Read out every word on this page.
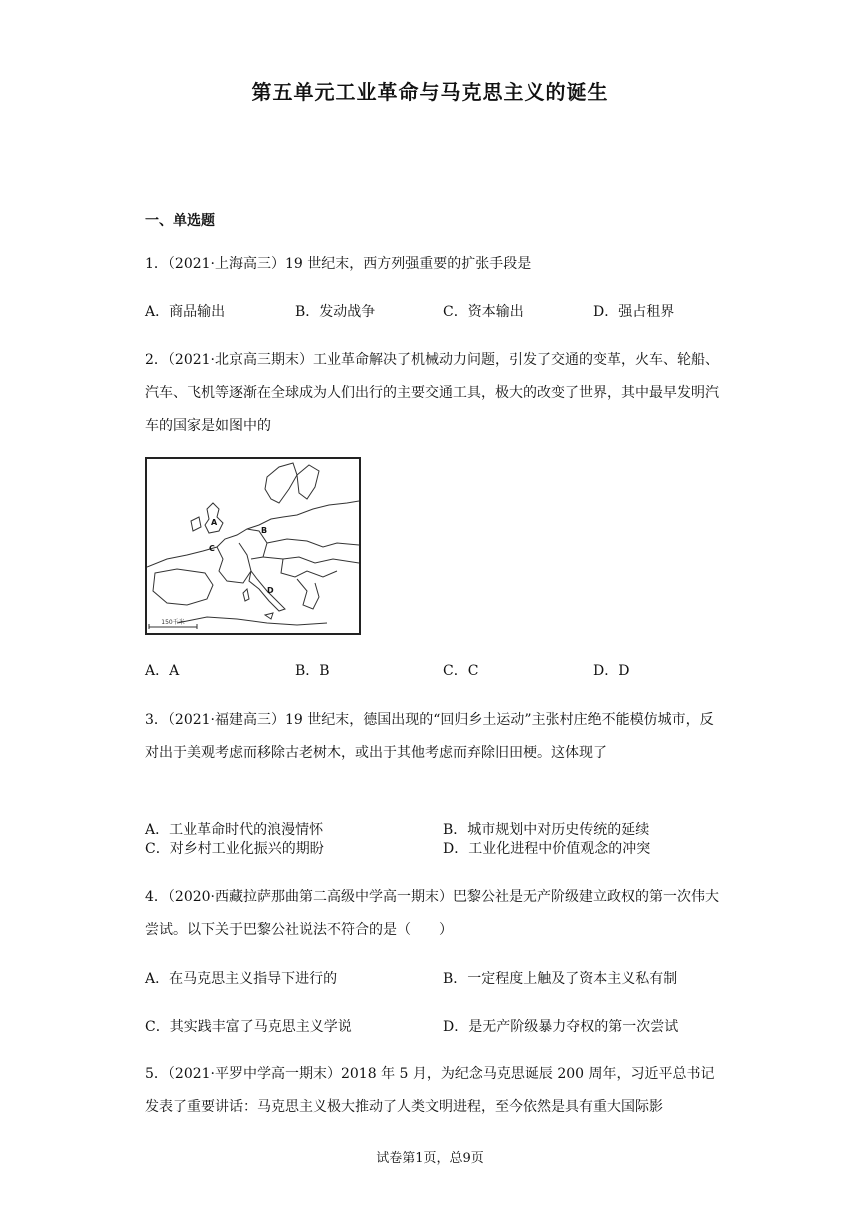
第五单元工业革命与马克思主义的诞生
一、单选题
1．（2021·上海高三）19 世纪末，西方列强重要的扩张手段是
A．商品输出	B．发动战争	C．资本输出	D．强占租界
2．（2021·北京高三期末）工业革命解决了机械动力问题，引发了交通的变革，火车、轮船、汽车、飞机等逐渐在全球成为人们出行的主要交通工具，极大的改变了世界，其中最早发明汽车的国家是如图中的
A
B
C
D
150千米
A．A	B．B	C．C	D．D
3．（2021·福建高三）19 世纪末，德国出现的“回归乡土运动”主张村庄绝不能模仿城市，反对出于美观考虑而移除古老树木，或出于其他考虑而弃除旧田梗。这体现了
A．工业革命时代的浪漫情怀	B．城市规划中对历史传统的延续
C．对乡村工业化振兴的期盼	D．工业化进程中价值观念的冲突
4．（2020·西藏拉萨那曲第二高级中学高一期末）巴黎公社是无产阶级建立政权的第一次伟大尝试。以下关于巴黎公社说法不符合的是（　　）
A．在马克思主义指导下进行的	B．一定程度上触及了资本主义私有制
C．其实践丰富了马克思主义学说	D．是无产阶级暴力夺权的第一次尝试
5．（2021·平罗中学高一期末）2018 年 5 月，为纪念马克思诞辰 200 周年，习近平总书记发表了重要讲话：马克思主义极大推动了人类文明进程，至今依然是具有重大国际影
试卷第1页，总9页
